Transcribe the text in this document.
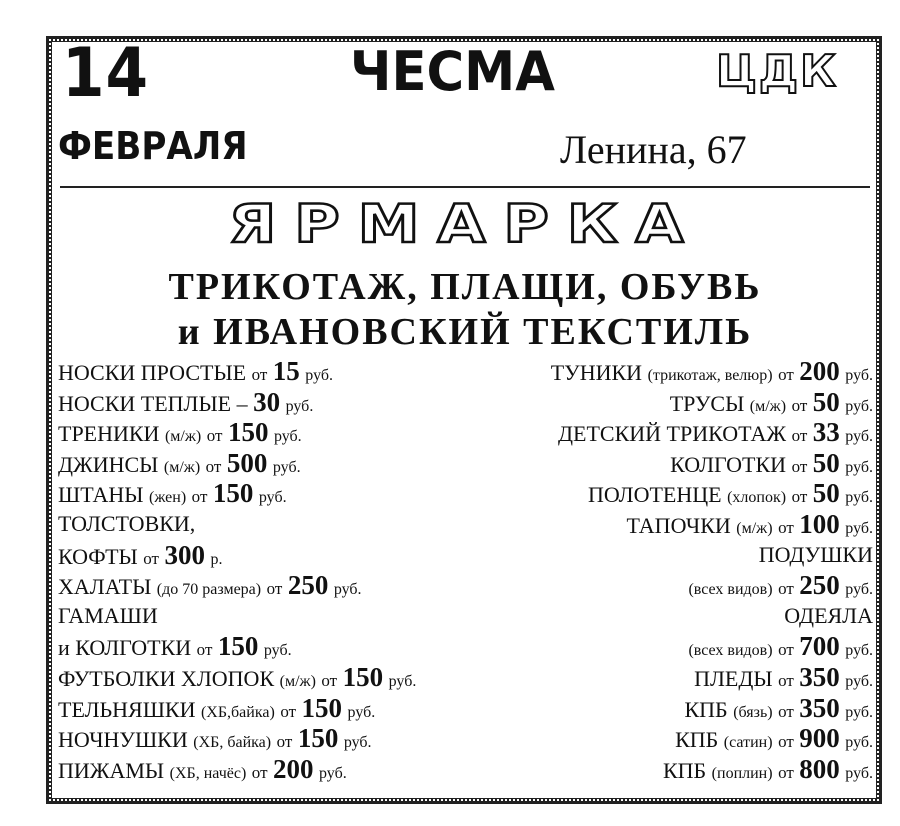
14
ФЕВРАЛЯ
ЧЕСМА	ЦДК
Ленина, 67
ЯРМАРКА
ТРИКОТАЖ, ПЛАЩИ, ОБУВЬ
и ИВАНОВСКИЙ ТЕКСТИЛЬ
НОСКИ ПРОСТЫЕ от 15 руб.
НОСКИ ТЕПЛЫЕ – 30 руб.
ТРЕНИКИ (м/ж) от 150 руб.
ДЖИНСЫ (м/ж) от 500 руб.
ШТАНЫ (жен) от 150 руб.
ТОЛСТОВКИ,
КОФТЫ от 300 р.
ХАЛАТЫ (до 70 размера) от 250 руб.
ГАМАШИ
и КОЛГОТКИ от 150 руб.
ФУТБОЛКИ ХЛОПОК (м/ж) от 150 руб.
ТЕЛЬНЯШКИ (ХБ,байка) от 150 руб.
НОЧНУШКИ (ХБ, байка) от 150 руб.
ПИЖАМЫ (ХБ, начёс) от 200 руб.
ТУНИКИ (трикотаж, велюр) от 200 руб.
ТРУСЫ (м/ж) от 50 руб.
ДЕТСКИЙ ТРИКОТАЖ от 33 руб.
КОЛГОТКИ от 50 руб.
ПОЛОТЕНЦЕ (хлопок) от 50 руб.
ТАПОЧКИ (м/ж) от 100 руб.
ПОДУШКИ
(всех видов) от 250 руб.
ОДЕЯЛА
(всех видов) от 700 руб.
ПЛЕДЫ от 350 руб.
КПБ (бязь) от 350 руб.
КПБ (сатин) от 900 руб.
КПБ (поплин) от 800 руб.
